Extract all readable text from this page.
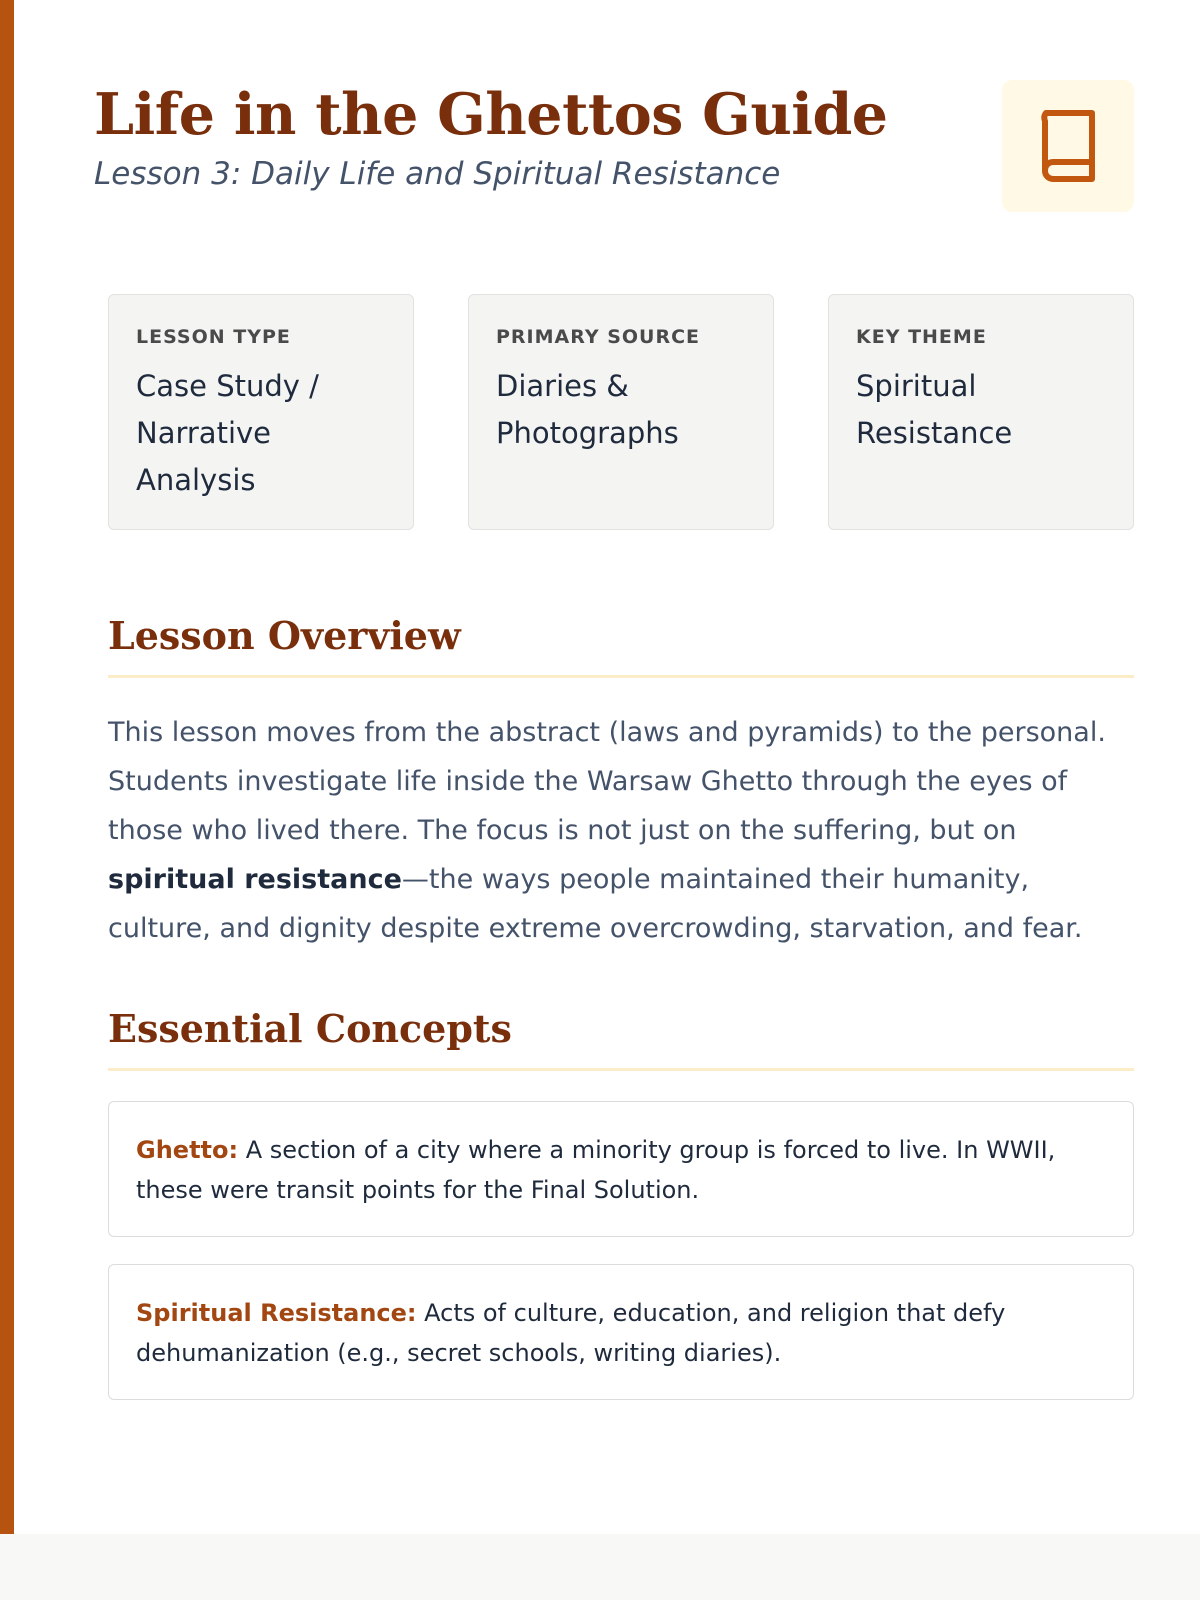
Life in the Ghettos Guide

Lesson 3: Daily Life and Spiritual Resistance

LESSON TYPE
Case Study / Narrative Analysis
PRIMARY SOURCE
Diaries & Photographs
KEY THEME
Spiritual Resistance
Lesson Overview

This lesson moves from the abstract (laws and pyramids) to the personal. Students investigate life inside the Warsaw Ghetto through the eyes of those who lived there. The focus is not just on the suffering, but on spiritual resistance—the ways people maintained their humanity, culture, and dignity despite extreme overcrowding, starvation, and fear.

Essential Concepts
Ghetto: A section of a city where a minority group is forced to live. In WWII, these were transit points for the Final Solution.
Spiritual Resistance: Acts of culture, education, and religion that defy dehumanization (e.g., secret schools, writing diaries).
